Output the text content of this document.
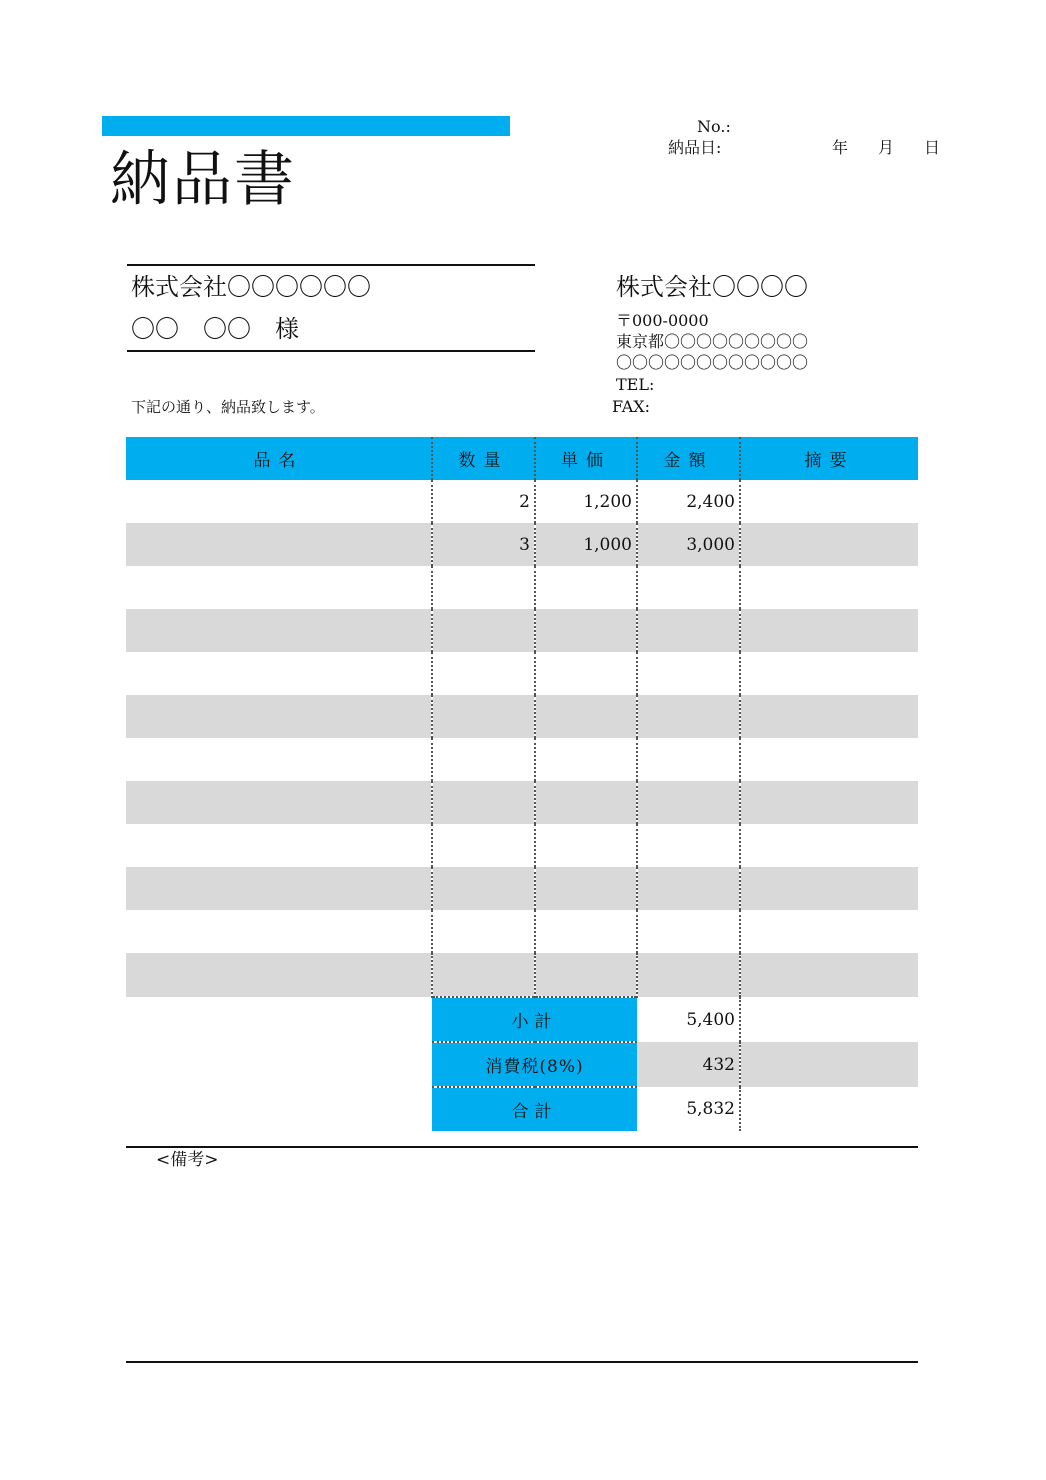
納品書
No.:
納品日:	年 月 日
株式会社〇〇〇〇〇〇
〇〇　〇〇　様
株式会社〇〇〇〇
〒000-0000
東京都〇〇〇〇〇〇〇〇〇
〇〇〇〇〇〇〇〇〇〇〇〇
TEL:
FAX:
下記の通り、納品致します。
品名	数量	単価	金額	摘要
	2	1,200	2,400	
	3	1,000	3,000	

	小計		5,400	
	消費税(8%)		432	
	合計		5,832	
<備考>
